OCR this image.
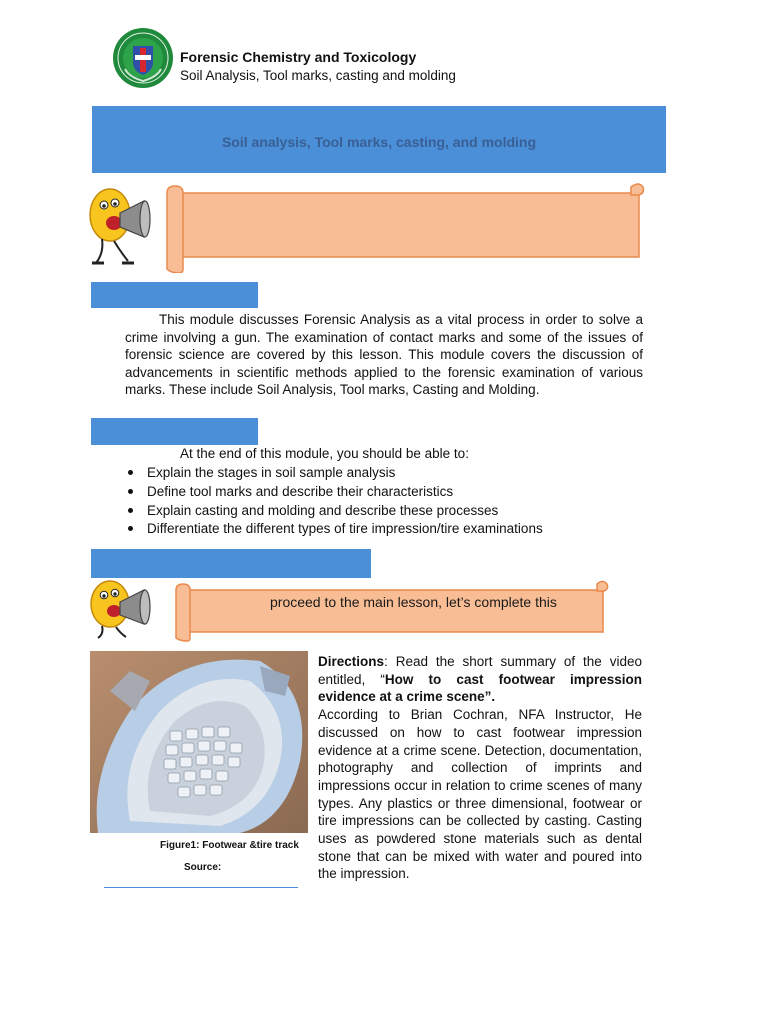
Forensic Chemistry and Toxicology
Soil Analysis, Tool marks, casting and molding
Soil analysis, Tool marks, casting, and molding
This module discusses Forensic Analysis as a vital process in order to solve a crime involving a gun. The examination of contact marks and some of the issues of forensic science are covered by this lesson. This module covers the discussion of advancements in scientific methods applied to the forensic examination of various marks. These include Soil Analysis, Tool marks, Casting and Molding.
At the end of this module, you should be able to:
Explain the stages in soil sample analysis
Define tool marks and describe their characteristics
Explain casting and molding and describe these processes
Differentiate the different types of tire impression/tire examinations
proceed to the main lesson, let’s complete this
Figure1: Footwear &tire track
Source:

Directions: Read the short summary of the video entitled, “How to cast footwear impression evidence at a crime scene”.

According to Brian Cochran, NFA Instructor, He discussed on how to cast footwear impression evidence at a crime scene. Detection, documentation, photography and collection of imprints and impressions occur in relation to crime scenes of many types. Any plastics or three dimensional, footwear or tire impressions can be collected by casting. Casting uses as powdered stone materials such as dental stone that can be mixed with water and poured into the impression.
